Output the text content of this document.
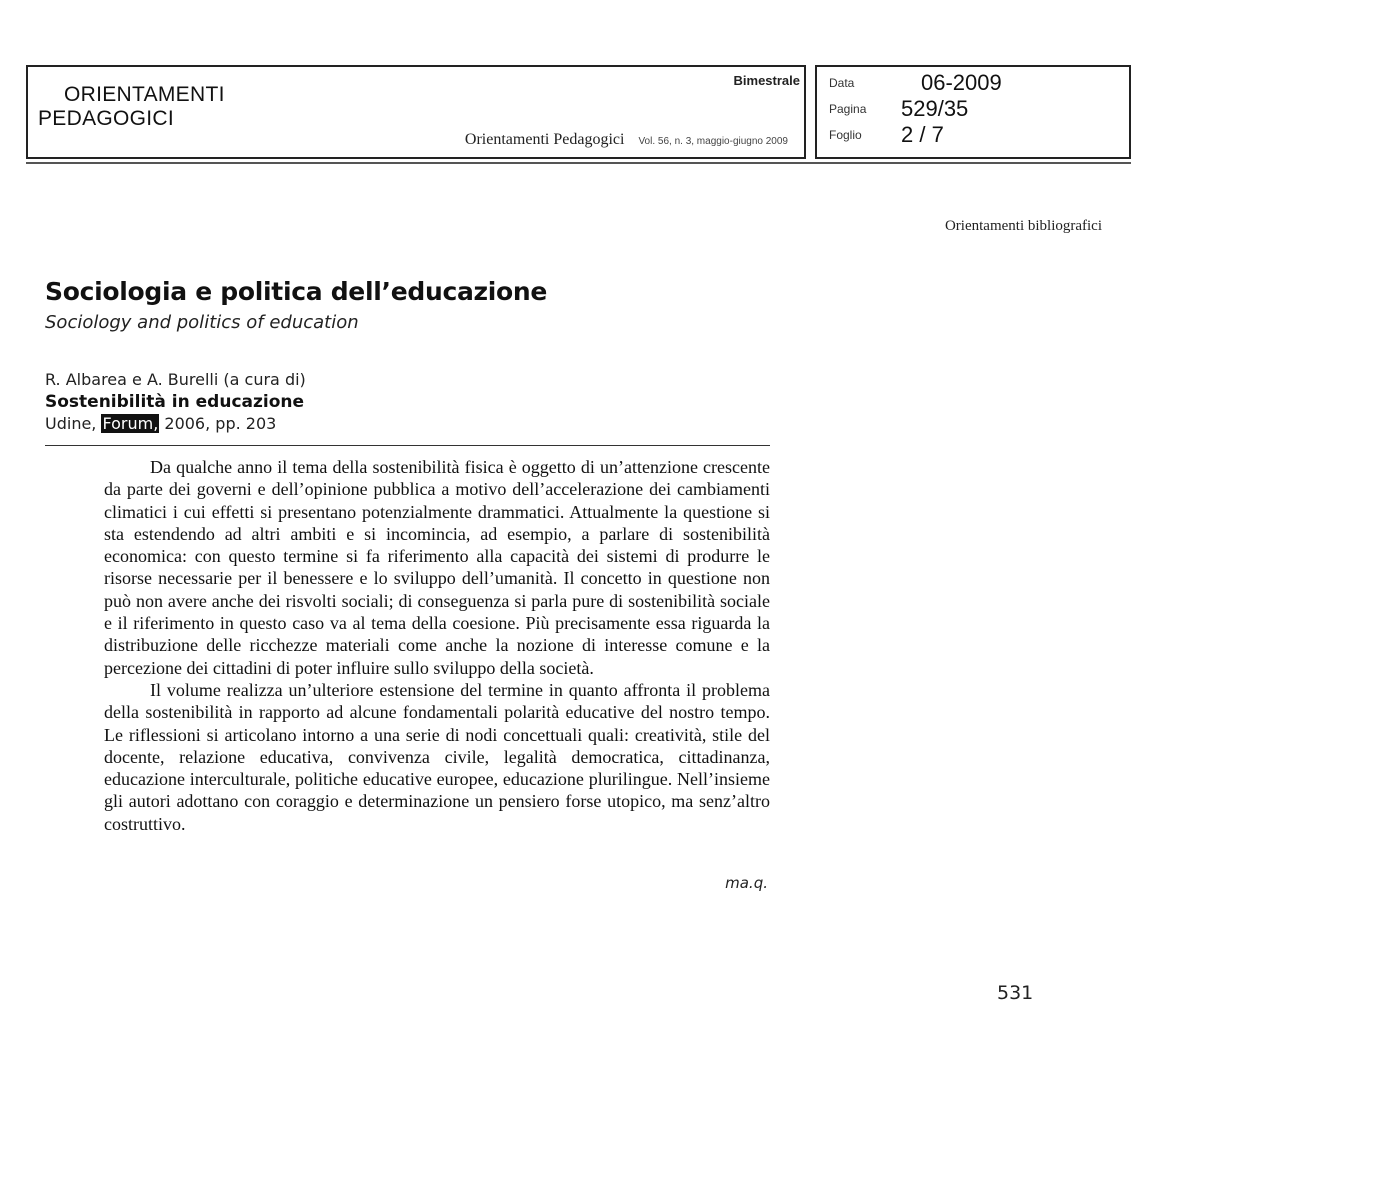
ORIENTAMENTI
PEDAGOGICI
Bimestrale
Orientamenti Pedagogici Vol. 56, n. 3, maggio-giugno 2009
Data	06-2009
Pagina 529/35
Foglio 2 / 7
Orientamenti bibliografici
Sociologia e politica dell’educazione
Sociology and politics of education
R. Albarea e A. Burelli (a cura di)
Sostenibilità in educazione
Udine, Forum, 2006, pp. 203

Da qualche anno il tema della sostenibilità fisica è oggetto di un’attenzione crescente da parte dei governi e dell’opinione pubblica a motivo dell’accelerazione dei cambiamenti climatici i cui effetti si presentano potenzialmente drammatici. Attualmente la questione si sta estendendo ad altri ambiti e si incomincia, ad esempio, a parlare di sostenibilità economica: con questo termine si fa riferimento alla capacità dei sistemi di produrre le risorse necessarie per il benessere e lo sviluppo dell’umanità. Il concetto in questione non può non avere anche dei risvolti sociali; di conseguenza si parla pure di sostenibilità sociale e il riferimento in questo caso va al tema della coesione. Più precisamente essa riguarda la distribuzione delle ricchezze materiali come anche la nozione di interesse comune e la percezione dei cittadini di poter influire sullo sviluppo della società.

Il volume realizza un’ulteriore estensione del termine in quanto affronta il problema della sostenibilità in rapporto ad alcune fondamentali polarità educative del nostro tempo. Le riflessioni si articolano intorno a una serie di nodi concettuali quali: creatività, stile del docente, relazione educativa, convivenza civile, legalità democratica, cittadinanza, educazione interculturale, politiche educative europee, educazione plurilingue. Nell’insieme gli autori adottano con coraggio e determinazione un pensiero forse utopico, ma senz’altro costruttivo.

ma.q.
531
